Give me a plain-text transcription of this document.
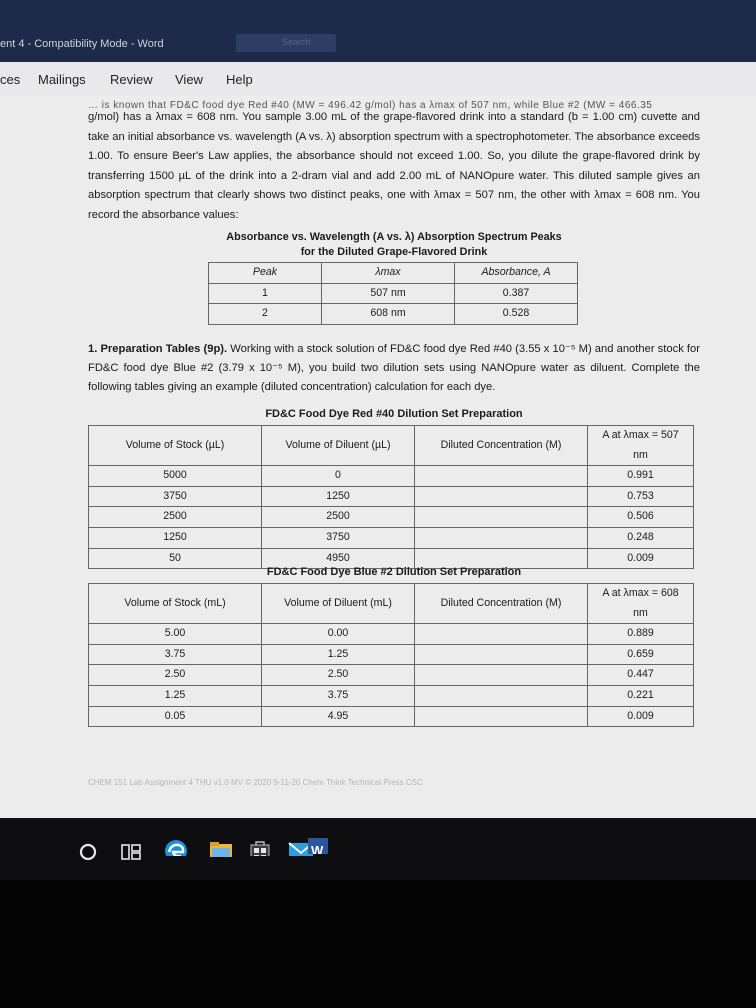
ent 4 - Compatibility Mode - Word	Search
ces Mailings Review View Help
… is known that FD&C food dye Red #40 (MW = 496.42 g/mol) has a λmax of 507 nm, while Blue #2 (MW = 466.35

g/mol) has a λmax = 608 nm. You sample 3.00 mL of the grape-flavored drink into a standard (b = 1.00 cm) cuvette and take an initial absorbance vs. wavelength (A vs. λ) absorption spectrum with a spectrophotometer. The absorbance exceeds 1.00. To ensure Beer's Law applies, the absorbance should not exceed 1.00. So, you dilute the grape-flavored drink by transferring 1500 µL of the drink into a 2-dram vial and add 2.00 mL of NANOpure water. This diluted sample gives an absorption spectrum that clearly shows two distinct peaks, one with λmax = 507 nm, the other with λmax = 608 nm. You record the absorbance values:

Absorbance vs. Wavelength (A vs. λ) Absorption Spectrum Peaks
for the Diluted Grape-Flavored Drink
Peak	λmax	Absorbance, A
1	507 nm	0.387
2	608 nm	0.528
1. Preparation Tables (9p). Working with a stock solution of FD&C food dye Red #40 (3.55 x 10⁻⁵ M) and another stock for FD&C food dye Blue #2 (3.79 x 10⁻⁵ M), you build two dilution sets using NANOpure water as diluent. Complete the following tables giving an example (diluted concentration) calculation for each dye.
FD&C Food Dye Red #40 Dilution Set Preparation
Volume of Stock (µL)	Volume of Diluent (µL)	Diluted Concentration (M)	A at λmax = 507 nm
5000	0		0.991
3750	1250		0.753
2500	2500		0.506
1250	3750		0.248
50	4950		0.009
FD&C Food Dye Blue #2 Dilution Set Preparation
Volume of Stock (mL)	Volume of Diluent (mL)	Diluted Concentration (M)	A at λmax = 608 nm
5.00	0.00		0.889
3.75	1.25		0.659
2.50	2.50		0.447
1.25	3.75		0.221
0.05	4.95		0.009
CHEM 151 Lab Assignment 4 THU v1.0 MV © 2020 9-11-20 Chem Think Technical Press CSC
W
